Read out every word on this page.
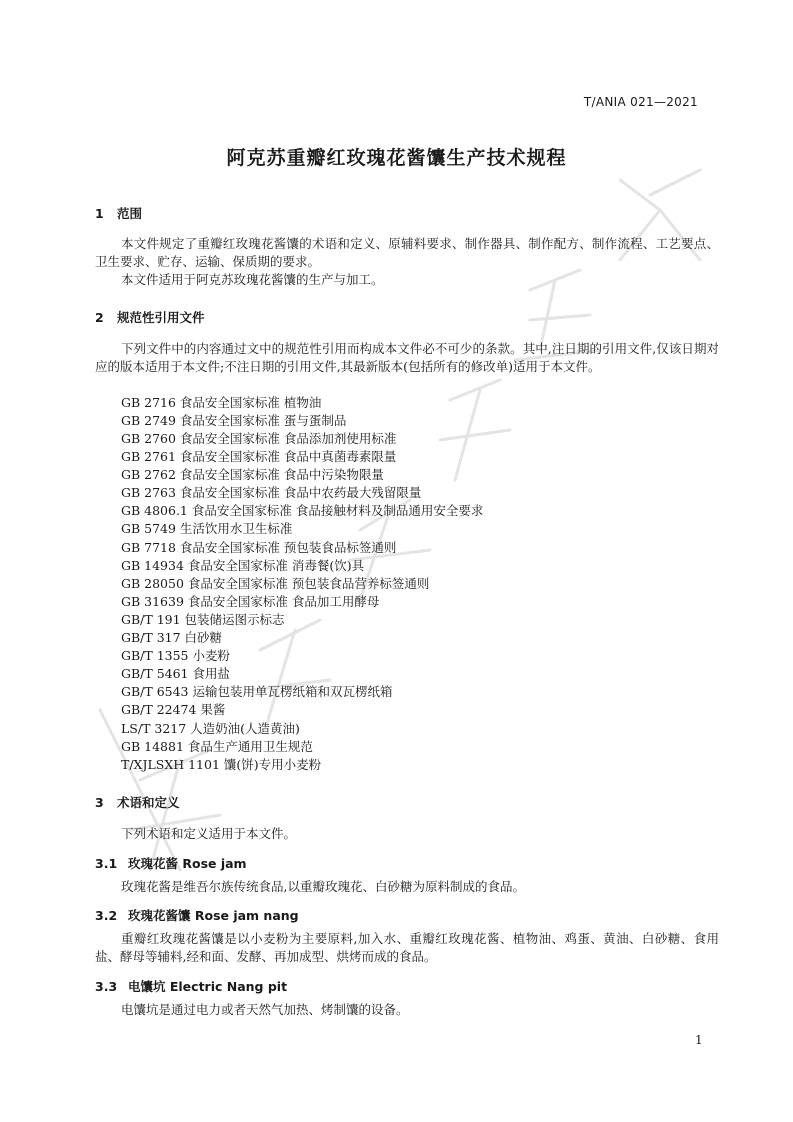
T/ANIA 021—2021
阿克苏重瓣红玫瑰花酱馕生产技术规程
1 范围
本文件规定了重瓣红玫瑰花酱馕的术语和定义、原辅料要求、制作器具、制作配方、制作流程、工艺要点、卫生要求、贮存、运输、保质期的要求。
本文件适用于阿克苏玫瑰花酱馕的生产与加工。
2 规范性引用文件
下列文件中的内容通过文中的规范性引用而构成本文件必不可少的条款。其中,注日期的引用文件,仅该日期对应的版本适用于本文件;不注日期的引用文件,其最新版本(包括所有的修改单)适用于本文件。
GB 2716 食品安全国家标准 植物油
GB 2749 食品安全国家标准 蛋与蛋制品
GB 2760 食品安全国家标准 食品添加剂使用标准
GB 2761 食品安全国家标准 食品中真菌毒素限量
GB 2762 食品安全国家标准 食品中污染物限量
GB 2763 食品安全国家标准 食品中农药最大残留限量
GB 4806.1 食品安全国家标准 食品接触材料及制品通用安全要求
GB 5749 生活饮用水卫生标准
GB 7718 食品安全国家标准 预包装食品标签通则
GB 14934 食品安全国家标准 消毒餐(饮)具
GB 28050 食品安全国家标准 预包装食品营养标签通则
GB 31639 食品安全国家标准 食品加工用酵母
GB/T 191 包装储运图示标志
GB/T 317 白砂糖
GB/T 1355 小麦粉
GB/T 5461 食用盐
GB/T 6543 运输包装用单瓦楞纸箱和双瓦楞纸箱
GB/T 22474 果酱
LS/T 3217 人造奶油(人造黄油)
GB 14881 食品生产通用卫生规范
T/XJLSXH 1101 馕(饼)专用小麦粉
3 术语和定义
下列术语和定义适用于本文件。
3.1 玫瑰花酱 Rose jam
玫瑰花酱是维吾尔族传统食品,以重瓣玫瑰花、白砂糖为原料制成的食品。
3.2 玫瑰花酱馕 Rose jam nang
重瓣红玫瑰花酱馕是以小麦粉为主要原料,加入水、重瓣红玫瑰花酱、植物油、鸡蛋、黄油、白砂糖、食用盐、酵母等辅料,经和面、发酵、再加成型、烘烤而成的食品。
3.3 电馕坑 Electric Nang pit
电馕坑是通过电力或者天然气加热、烤制馕的设备。
1
